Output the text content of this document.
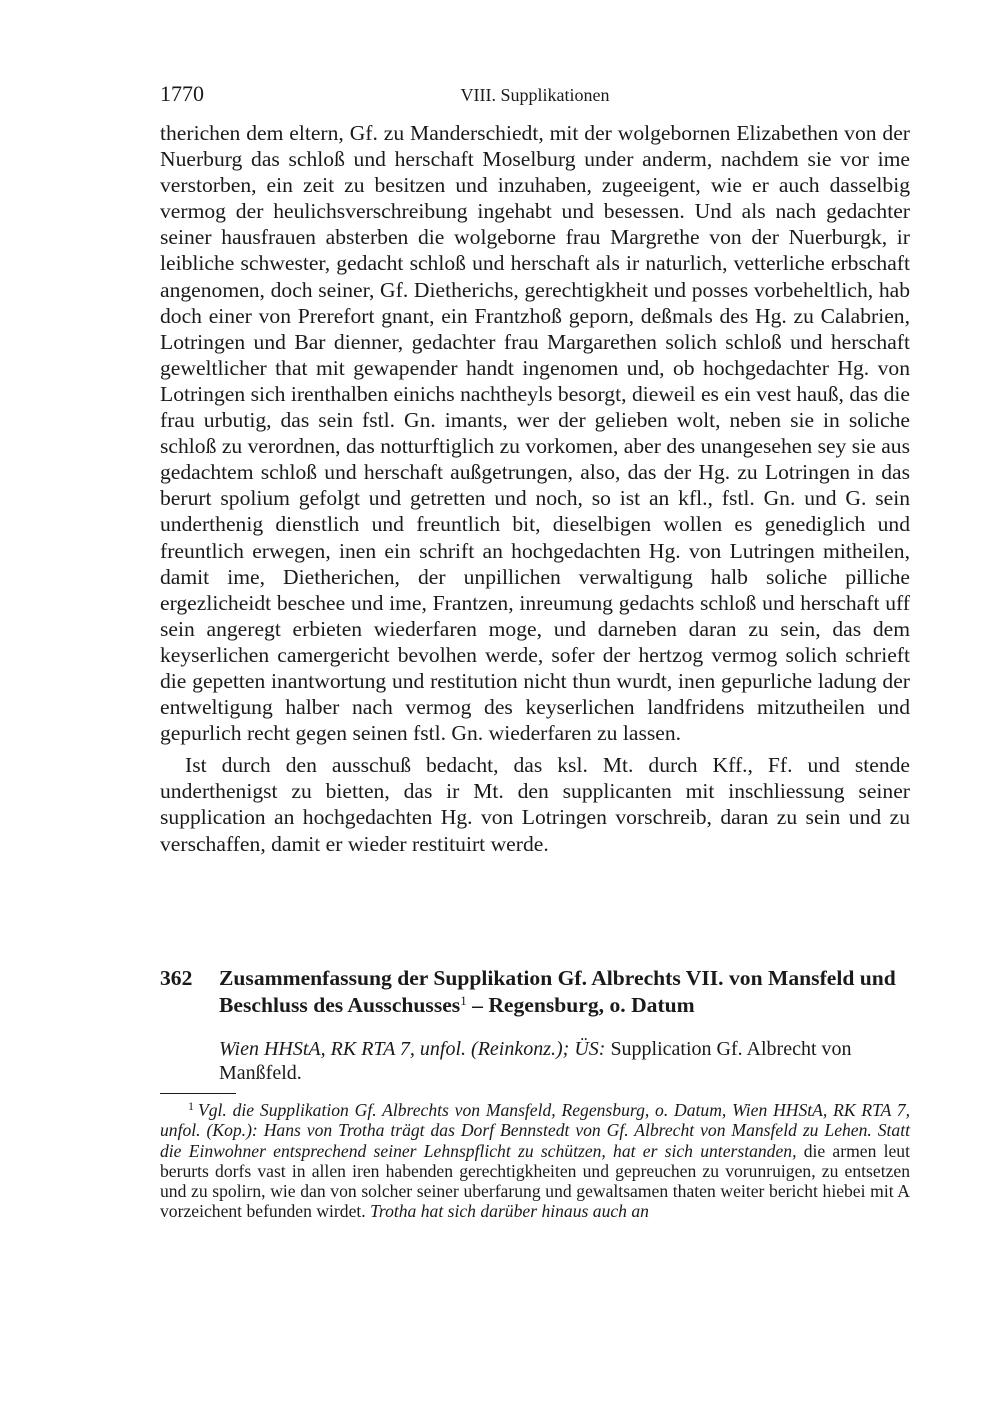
1770	VIII. Supplikationen

therichen dem eltern, Gf. zu Manderschiedt, mit der wolgebornen Elizabethen von der Nuerburg das schloß und herschaft Moselburg under anderm, nachdem sie vor ime verstorben, ein zeit zu besitzen und inzuhaben, zugeeigent, wie er auch dasselbig vermog der heulichsverschreibung ingehabt und besessen. Und als nach gedachter seiner hausfrauen absterben die wolgeborne frau Margrethe von der Nuerburgk, ir leibliche schwester, gedacht schloß und herschaft als ir naturlich, vetterliche erbschaft angenomen, doch seiner, Gf. Dietherichs, gerechtigkheit und posses vorbeheltlich, hab doch einer von Prerefort gnant, ein Frantzhoß geporn, deßmals des Hg. zu Calabrien, Lotringen und Bar dienner, gedachter frau Margarethen solich schloß und herschaft geweltlicher that mit gewapender handt ingenomen und, ob hochgedachter Hg. von Lotringen sich irenthalben einichs nachtheyls besorgt, dieweil es ein vest hauß, das die frau urbutig, das sein fstl. Gn. imants, wer der gelieben wolt, neben sie in soliche schloß zu verordnen, das notturftiglich zu vorkomen, aber des unangesehen sey sie aus gedachtem schloß und herschaft außgetrungen, also, das der Hg. zu Lotringen in das berurt spolium gefolgt und getretten und noch, so ist an kfl., fstl. Gn. und G. sein underthenig dienstlich und freuntlich bit, dieselbigen wollen es genediglich und freuntlich erwegen, inen ein schrift an hochgedachten Hg. von Lutringen mitheilen, damit ime, Dietherichen, der unpillichen verwaltigung halb soliche pilliche ergezlicheidt beschee und ime, Frantzen, inreumung gedachts schloß und herschaft uff sein angeregt erbieten wiederfaren moge, und darneben daran zu sein, das dem keyserlichen camergericht bevolhen werde, sofer der hertzog vermog solich schrieft die gepetten inantwortung und restitution nicht thun wurdt, inen gepurliche ladung der entweltigung halber nach vermog des keyserlichen landfridens mitzutheilen und gepurlich recht gegen seinen fstl. Gn. wiederfaren zu lassen.

Ist durch den ausschuß bedacht, das ksl. Mt. durch Kff., Ff. und stende underthenigst zu bietten, das ir Mt. den supplicanten mit inschliessung seiner supplication an hochgedachten Hg. von Lotringen vorschreib, daran zu sein und zu verschaffen, damit er wieder restituirt werde.

362 Zusammenfassung der Supplikation Gf. Albrechts VII. von Mansfeld und Beschluss des Ausschusses$^1$ – Regensburg, o. Datum
Wien HHStA, RK RTA 7, unfol. (Reinkonz.); ÜS: Supplication Gf. Albrecht von Manßfeld.

$^1$ Vgl. die Supplikation Gf. Albrechts von Mansfeld, Regensburg, o. Datum, Wien HHStA, RK RTA 7, unfol. (Kop.): Hans von Trotha trägt das Dorf Bennstedt von Gf. Albrecht von Mansfeld zu Lehen. Statt die Einwohner entsprechend seiner Lehnspflicht zu schützen, hat er sich unterstanden, die armen leut berurts dorfs vast in allen iren habenden gerechtigkheiten und gepreuchen zu vorunruigen, zu entsetzen und zu spolirn, wie dan von solcher seiner uberfarung und gewaltsamen thaten weiter bericht hiebei mit A vorzeichent befunden wirdet. Trotha hat sich darüber hinaus auch an
